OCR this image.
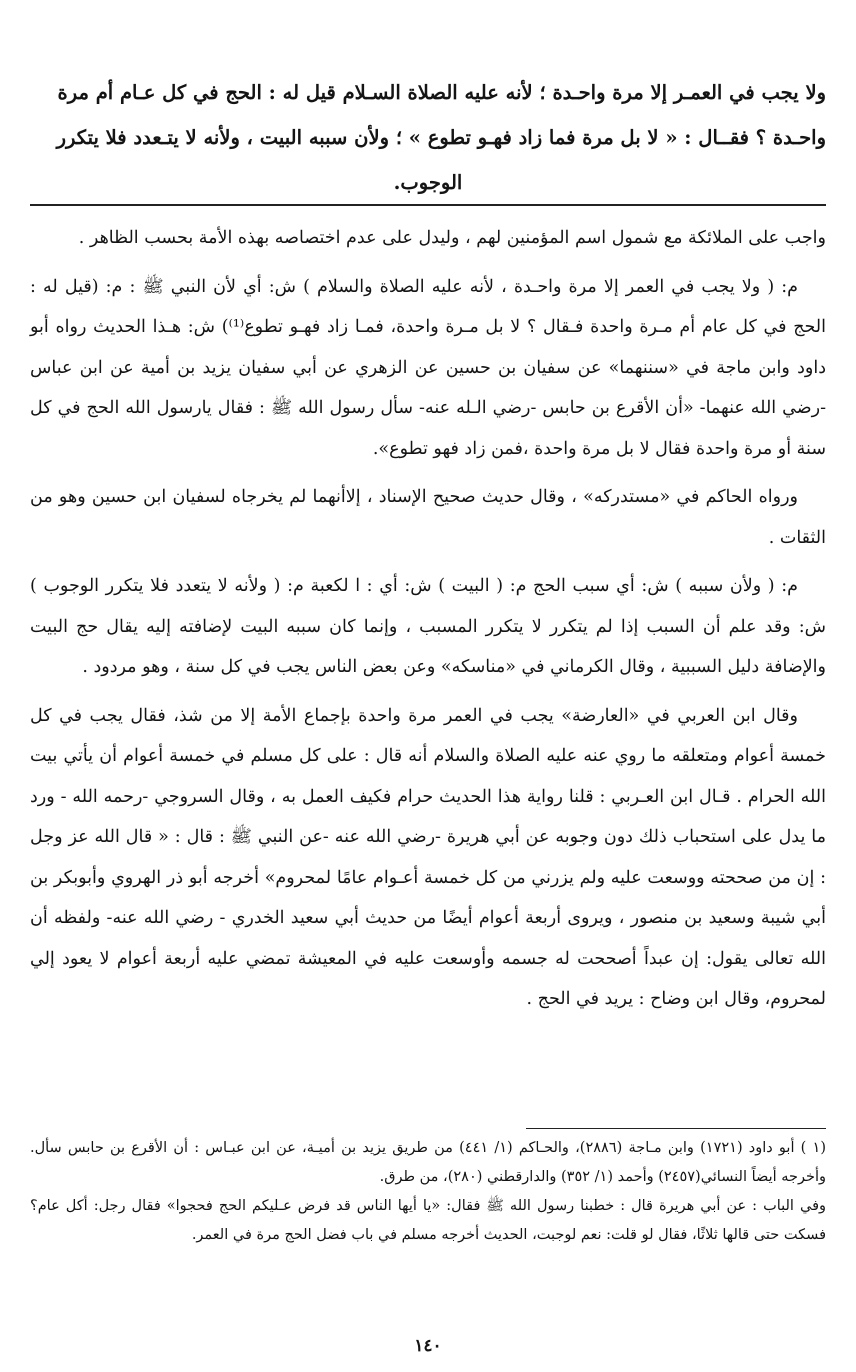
ولا يجب في العمـر إلا مرة واحـدة ؛ لأنه عليه الصلاة السـلام قيل له : الحج في كل عـام أم مرة
واحـدة ؟ فقــال : « لا بل مرة فما زاد فهـو تطوع » ؛ ولأن سببه البيت ، ولأنه لا يتـعدد فلا يتكرر
الوجوب.

واجب على الملائكة مع شمول اسم المؤمنين لهم ، وليدل على عدم اختصاصه بهذه الأمة بحسب الظاهر .

م: ( ولا يجب في العمر إلا مرة واحـدة ، لأنه عليه الصلاة والسلام ) ش: أي لأن النبي ﷺ : م: (قيل له : الحج في كل عام أم مـرة واحدة فـقال ؟ لا بل مـرة واحدة، فمـا زاد فهـو تطوع⁽¹⁾) ش: هـذا الحديث رواه أبو داود وابن ماجة في «سننهما» عن سفيان بن حسين عن الزهري عن أبي سفيان يزيد بن أمية عن ابن عباس -رضي الله عنهما- «أن الأقرع بن حابس -رضي الـله عنه- سأل رسول الله ﷺ : فقال يارسول الله الحج في كل سنة أو مرة واحدة فقال لا بل مرة واحدة ،فمن زاد فهو تطوع».

ورواه الحاكم في «مستدركه» ، وقال حديث صحيح الإسناد ، إلاأنهما لم يخرجاه لسفيان ابن حسين وهو من الثقات .

م: ( ولأن سببه ) ش: أي سبب الحج م: ( البيت ) ش: أي : ا لكعبة م: ( ولأنه لا يتعدد فلا يتكرر الوجوب ) ش: وقد علم أن السبب إذا لم يتكرر لا يتكرر المسبب ، وإنما كان سببه البيت لإضافته إليه يقال حج البيت والإضافة دليل السببية ، وقال الكرماني في «مناسكه» وعن بعض الناس يجب في كل سنة ، وهو مردود .

وقال ابن العربي في «العارضة» يجب في العمر مرة واحدة بإجماع الأمة إلا من شذ، فقال يجب في كل خمسة أعوام ومتعلقه ما روي عنه عليه الصلاة والسلام أنه قال : على كل مسلم في خمسة أعوام أن يأتي بيت الله الحرام . قـال ابن العـربي : قلنا رواية هذا الحديث حرام فكيف العمل به ، وقال السروجي -رحمه الله - ورد ما يدل على استحباب ذلك دون وجوبه عن أبي هريرة -رضي الله عنه -عن النبي ﷺ : قال : « قال الله عز وجل : إن من صححته ووسعت عليه ولم يزرني من كل خمسة أعـوام عامًا لمحروم» أخرجه أبو ذر الهروي وأبوبكر بن أبي شيبة وسعيد بن منصور ، ويروى أربعة أعوام أيضًا من حديث أبي سعيد الخدري - رضي الله عنه- ولفظه أن الله تعالى يقول: إن عبداً أصححت له جسمه وأوسعت عليه في المعيشة تمضي عليه أربعة أعوام لا يعود إلي لمحروم، وقال ابن وضاح : يريد في الحج .

(١ ) أبو داود (١٧٢١) وابن مـاجة (٢٨٨٦)، والحـاكم (١/ ٤٤١) من طريق يزيد بن أميـة، عن ابن عبـاس : أن الأقرع بن حابس سأل. وأخرجه أيضاً النسائي(٢٤٥٧) وأحمد (١/ ٣٥٢) والدارقطني (٢٨٠)، من طرق.

وفي الباب : عن أبي هريرة قال : خطبنا رسول الله ﷺ فقال: «يا أيها الناس قد فرض عـليكم الحج فحجوا» فقال رجل: أكل عام؟ فسكت حتى قالها ثلاثًا، فقال لو قلت: نعم لوجبت، الحديث أخرجه مسلم في باب فضل الحج مرة في العمر.

١٤٠
